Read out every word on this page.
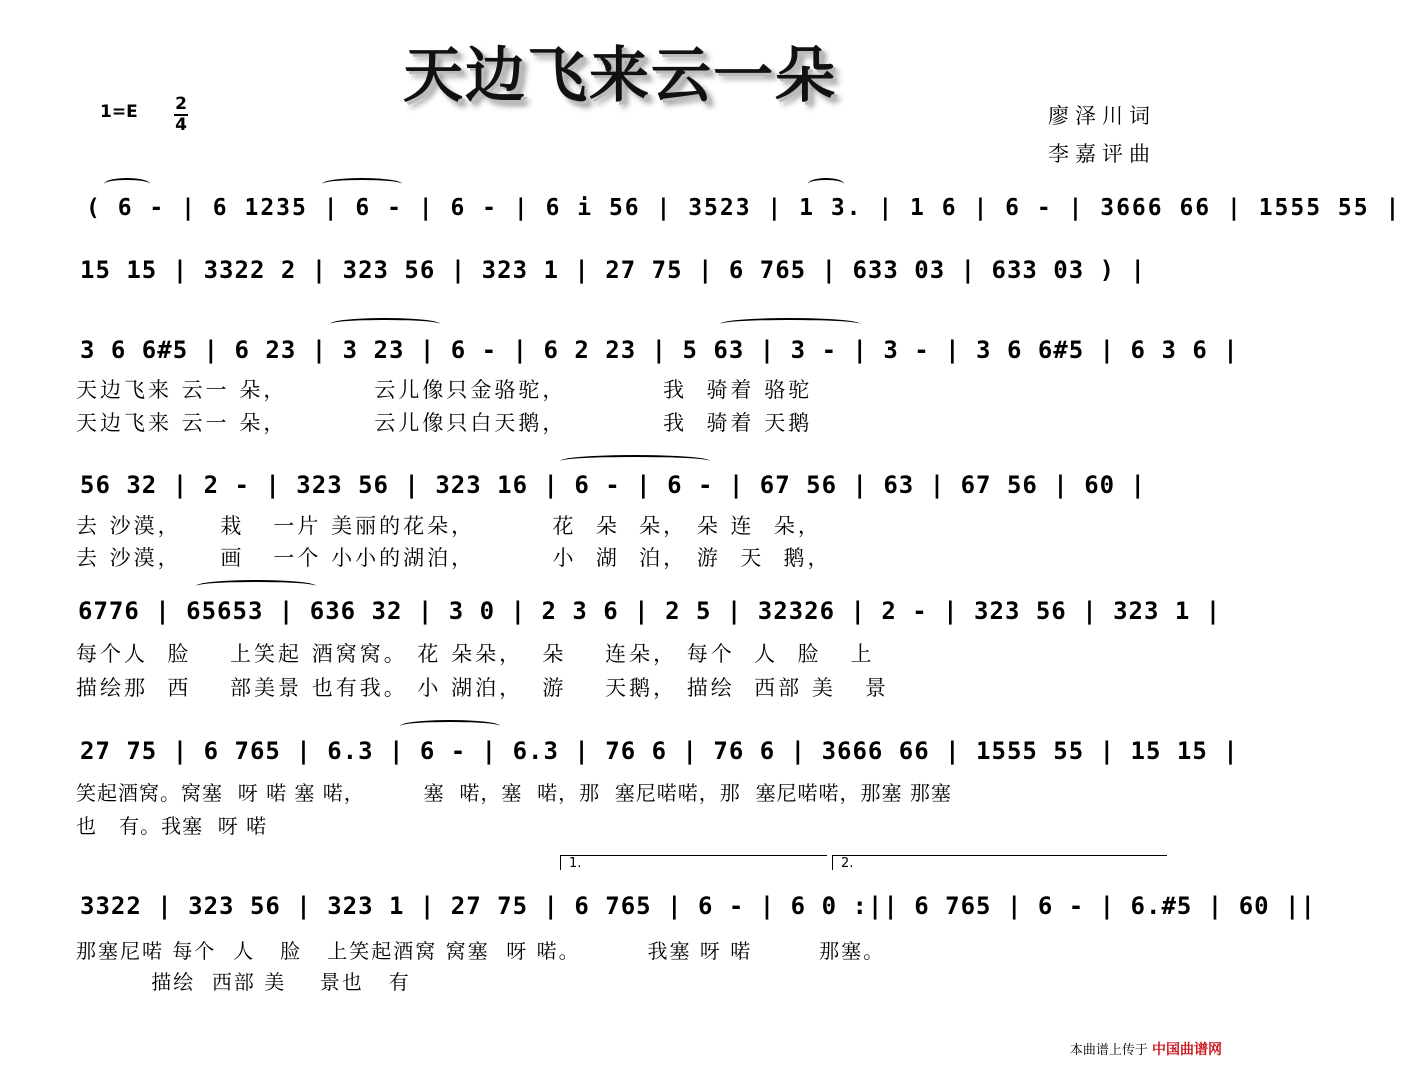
天边飞来云一朵
1=E 2
4	廖泽川词
李嘉评曲
( 6 - | 6 1235 | 6 - | 6 - | 6 i 56 | 3523 | 1 3. | 1 6 | 6 - | 3666 66 | 1555 55 |
15 15 | 3322 2 | 323 56 | 323 1 | 27 75 | 6 765 | 633 03 | 633 03 ) |
3 6 6#5 | 6 23 | 3 23 | 6 - | 6 2 23 | 5 63 | 3 - | 3 - | 3 6 6#5 | 6 3 6 |
天边飞来 云一 朵，         云儿像只金骆驼，          我  骑着 骆驼
天边飞来 云一 朵，         云儿像只白天鹅，          我  骑着 天鹅
56 32 | 2 - | 323 56 | 323 16 | 6 - | 6 - | 67 56 | 63 | 67 56 | 60 |
去 沙漠，    栽   一片 美丽的花朵，        花  朵  朵， 朵 连  朵，
去 沙漠，    画   一个 小小的湖泊，        小  湖  泊， 游  天  鹅，
6776 | 65653 | 636 32 | 3 0 | 2 3 6 | 2 5 | 32326 | 2 - | 323 56 | 323 1 |
每个人  脸    上笑起 酒窝窝。 花 朵朵，  朵    连朵， 每个  人  脸   上
描绘那  西    部美景 也有我。 小 湖泊，  游    天鹅， 描绘  西部 美   景
27 75 | 6 765 | 6.3 | 6 - | 6.3 | 76 6 | 76 6 | 3666 66 | 1555 55 | 15 15 |
笑起酒窝。窝塞  呀 喏 塞 喏，        塞  喏，塞  喏，那  塞尼喏喏，那  塞尼喏喏，那塞 那塞
也   有。我塞  呀 喏
1.	2.
3322 | 323 56 | 323 1 | 27 75 | 6 765 | 6 - | 6 0 :|| 6 765 | 6 - | 6.#5 | 60 ||
那塞尼喏 每个  人   脸   上笑起酒窝 窝塞  呀 喏。        我塞 呀 喏        那塞。
描绘  西部 美    景也   有
本曲谱上传于 中国曲谱网
